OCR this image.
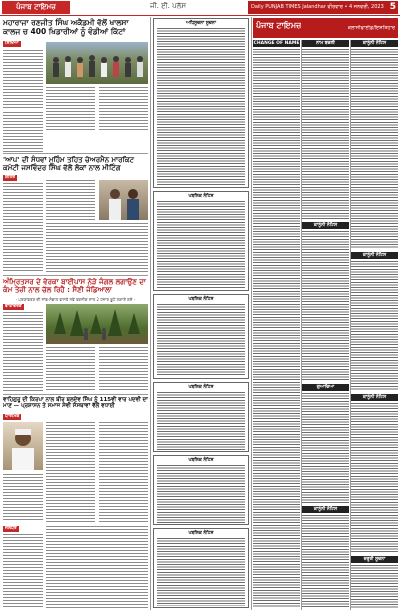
ਪੰਜਾਬ ਟਾਇਮਜ਼	ਜੀ. ਈ. ਪਲੱਸ	Daily PUNJAB TIMES Jalandhar ਵੀਰਵਾਰ • 4 ਜਨਵਰੀ, 2023 5
ਮਹਾਰਾਜਾ ਰਣਜੀਤ ਸਿੰਘ ਅਕੈਡਮੀ ਵੱਲੋਂ ਖਾਲਸਾ ਕਾਲਜ ਚ 400 ਖਿਡਾਰੀਆਂ ਨੂੰ ਵੰਡੀਆਂ ਕਿੱਟਾਂ
ਸਿੱਖਿਆ
'ਆਪ' ਦੀ ਸੰਧਵਾਂ ਮੁਹਿੰਮ ਤਹਿਤ ਚੇਅਰਮੈਨ ਮਾਰਕਿਟ ਕਮੇਟੀ ਜਸਵਿੰਦਰ ਸਿੰਘ ਵੱਲੋਂ ਲੋਕਾਂ ਨਾਲ ਮੀਟਿੰਗ
ਸ਼ਹਿਰ
ਅੰਮ੍ਰਿਤਸਰ ਦੇ ਵੇਰਕਾ ਬਾਈਪਾਸ ਨੇੜੇ ਜੰਗਲ ਲਗਾਉਣ ਦਾ ਕੰਮ ਤੇਜ਼ੀ ਨਾਲ ਚੱਲ ਰਿਹੈ : ਸੈਣੀ ਜੰਡਿਆਲਾ
- ਪਰਯਾਵਰਣ ਦੀ ਸਾਂਭ-ਸੰਭਾਲ ਵਾਸਤੇ ਨਵੇਂ ਤਕਨੀਕ ਨਾਲ 2 ਹਜ਼ਾਰ ਬੂਟੇ ਲਗਾਏ ਗਏ -
ਵਾਤਾਵਰਣ
ਵਾਹਿਗੁਰੂ ਦੀ ਕਿਰਪਾ ਨਾਲ ਬੀਰ ਬਲਦੇਵ ਸਿੰਘ ਨੂੰ 115ਵੀਂ ਵਾਰ ਪਦਵੀ ਦਾ ਮਾਣ — ਪ੍ਰਸ਼ਾਸਨ ਤੇ ਸਮਾਜ ਸੇਵੀ ਸੰਸਥਾਵਾਂ ਵੱਲੋਂ ਵਧਾਈ
ਧਾਰਮਿਕ
ਜਲੰਧਰ
ਅਧਿਸੂਚਨਾ ਸੂਚਨਾ
ਪਬਲਿਕ ਨੋਟਿਸ
ਪਬਲਿਕ ਨੋਟਿਸ
ਪਬਲਿਕ ਨੋਟਿਸ
ਪਬਲਿਕ ਨੋਟਿਸ
ਪਬਲਿਕ ਨੋਟਿਸ
ਪੰਜਾਬ ਟਾਇਮਜ਼	ਕਲਾਸੀਫਾਈਡ/ਇਸ਼ਤਿਹਾਰ
CHANGE OF NAME	ਨਾਮ ਬਦਲੀ
ਕਾਨੂੰਨੀ ਨੋਟਿਸ
ਗੁਆਚਿਆ
ਕਾਨੂੰਨੀ ਨੋਟਿਸ
ਕਾਨੂੰਨੀ ਨੋਟਿਸ
ਕਾਨੂੰਨੀ ਨੋਟਿਸ
ਕਾਨੂੰਨੀ ਨੋਟਿਸ
ਜ਼ਰੂਰੀ ਸੂਚਨਾ
